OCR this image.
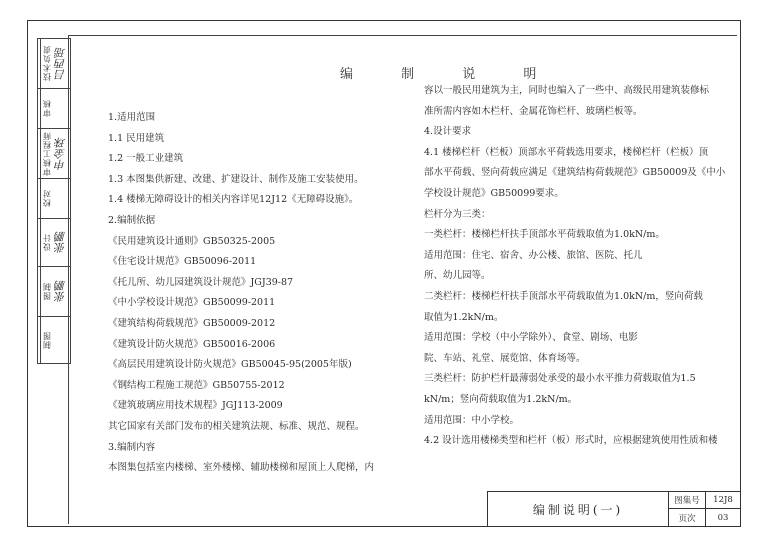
技术负责 吕西瑶
审核
审核工程师 申金珠
校对
设计 张鹏
图制 张鹏
制图
编 制 说 明
1.适用范围
1.1 民用建筑
1.2 一般工业建筑
1.3 本图集供新建、改建、扩建设计、制作及施工安装使用。
1.4 楼梯无障碍设计的相关内容详见12J12《无障碍设施》。
2.编制依据
《民用建筑设计通则》GB50325-2005
《住宅设计规范》GB50096-2011
《托儿所、幼儿园建筑设计规范》JGJ39-87
《中小学校设计规范》GB50099-2011
《建筑结构荷载规范》GB50009-2012
《建筑设计防火规范》GB50016-2006
《高层民用建筑设计防火规范》GB50045-95(2005年版)
《钢结构工程施工规范》GB50755-2012
《建筑玻璃应用技术规程》JGJ113-2009
其它国家有关部门发布的相关建筑法规、标准、规范、规程。
3.编制内容
本图集包括室内楼梯、室外楼梯、辅助楼梯和屋顶上人爬梯，内
容以一般民用建筑为主，同时也编入了一些中、高级民用建筑装修标
准所需内容如木栏杆、金属花饰栏杆、玻璃栏板等。
4.设计要求
4.1 楼梯栏杆（栏板）顶部水平荷载选用要求，楼梯栏杆（栏板）顶
部水平荷载、竖向荷载应满足《建筑结构荷载规范》GB50009及《中小
学校设计规范》GB50099要求。
栏杆分为三类：
一类栏杆：楼梯栏杆扶手顶部水平荷载取值为1.0kN/m。
适用范围：住宅、宿舍、办公楼、旅馆、医院、托儿
所、幼儿园等。
二类栏杆：楼梯栏杆扶手顶部水平荷载取值为1.0kN/m，竖向荷载
取值为1.2kN/m。
适用范围：学校（中小学除外）、食堂、剧场、电影
院、车站、礼堂、展览馆、体育场等。
三类栏杆：防护栏杆最薄弱处承受的最小水平推力荷载取值为1.5
kN/m；竖向荷载取值为1.2kN/m。
适用范围：中小学校。
4.2 设计选用楼梯类型和栏杆（板）形式时，应根据建筑使用性质和楼
编制说明(一)
图集号	12J8
页次	03
